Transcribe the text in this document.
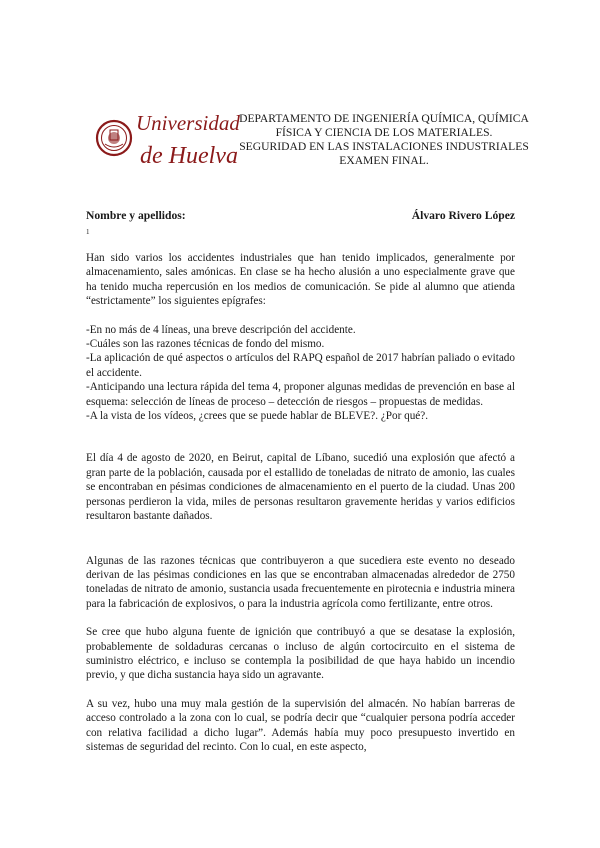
Universidad
de Huelva
DEPARTAMENTO DE INGENIERÍA QUÍMICA, QUÍMICA
FÍSICA Y CIENCIA DE LOS MATERIALES.
SEGURIDAD EN LAS INSTALACIONES INDUSTRIALES
EXAMEN FINAL.
Nombre y apellidos:	Álvaro Rivero López
1

Han sido varios los accidentes industriales que han tenido implicados, generalmente por almacenamiento, sales amónicas. En clase se ha hecho alusión a uno especialmente grave que ha tenido mucha repercusión en los medios de comunicación. Se pide al alumno que atienda “estrictamente” los siguientes epígrafes:

-En no más de 4 líneas, una breve descripción del accidente.

-Cuáles son las razones técnicas de fondo del mismo.

-La aplicación de qué aspectos o artículos del RAPQ español de 2017 habrían paliado o evitado el accidente.

-Anticipando una lectura rápida del tema 4, proponer algunas medidas de prevención en base al esquema: selección de líneas de proceso – detección de riesgos – propuestas de medidas.

-A la vista de los vídeos, ¿crees que se puede hablar de BLEVE?. ¿Por qué?.

El día 4 de agosto de 2020, en Beirut, capital de Líbano, sucedió una explosión que afectó a gran parte de la población, causada por el estallido de toneladas de nitrato de amonio, las cuales se encontraban en pésimas condiciones de almacenamiento en el puerto de la ciudad. Unas 200 personas perdieron la vida, miles de personas resultaron gravemente heridas y varios edificios resultaron bastante dañados.

Algunas de las razones técnicas que contribuyeron a que sucediera este evento no deseado derivan de las pésimas condiciones en las que se encontraban almacenadas alrededor de 2750 toneladas de nitrato de amonio, sustancia usada frecuentemente en pirotecnia e industria minera para la fabricación de explosivos, o para la industria agrícola como fertilizante, entre otros.

Se cree que hubo alguna fuente de ignición que contribuyó a que se desatase la explosión, probablemente de soldaduras cercanas o incluso de algún cortocircuito en el sistema de suministro eléctrico, e incluso se contempla la posibilidad de que haya habido un incendio previo, y que dicha sustancia haya sido un agravante.

A su vez, hubo una muy mala gestión de la supervisión del almacén. No habían barreras de acceso controlado a la zona con lo cual, se podría decir que “cualquier persona podría acceder con relativa facilidad a dicho lugar”. Además había muy poco presupuesto invertido en sistemas de seguridad del recinto. Con lo cual, en este aspecto,
